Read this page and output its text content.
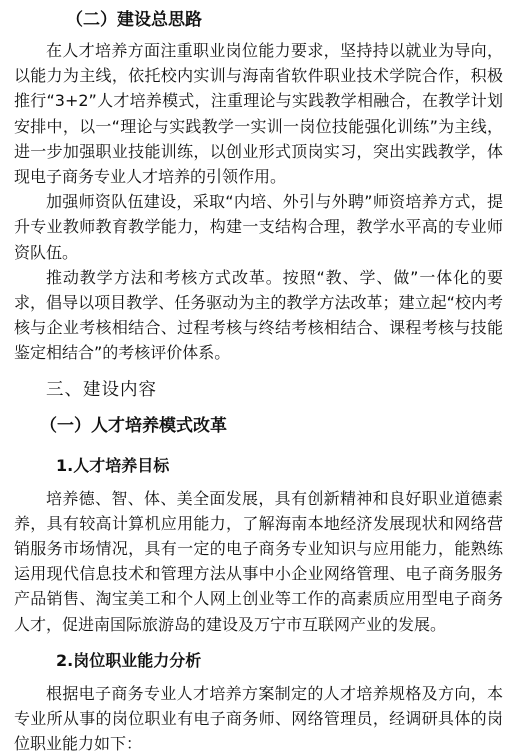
（二）建设总思路

在人才培养方面注重职业岗位能力要求，坚持持以就业为导向，以能力为主线，依托校内实训与海南省软件职业技术学院合作，积极推行“3+2”人才培养模式，注重理论与实践教学相融合，在教学计划安排中，以一“理论与实践教学一实训一岗位技能强化训练”为主线，进一步加强职业技能训练，以创业形式顶岗实习，突出实践教学，体现电子商务专业人才培养的引领作用。

加强师资队伍建设，采取“内培、外引与外聘”师资培养方式，提升专业教师教育教学能力，构建一支结构合理，教学水平高的专业师资队伍。

推动教学方法和考核方式改革。按照“教、学、做”一体化的要求，倡导以项目教学、任务驱动为主的教学方法改革；建立起“校内考核与企业考核相结合、过程考核与终结考核相结合、课程考核与技能鉴定相结合”的考核评价体系。

三、建设内容
（一）人才培养模式改革
1.人才培养目标

培养德、智、体、美全面发展，具有创新精神和良好职业道德素养，具有较高计算机应用能力，了解海南本地经济发展现状和网络营销服务市场情况，具有一定的电子商务专业知识与应用能力，能熟练运用现代信息技术和管理方法从事中小企业网络管理、电子商务服务产品销售、淘宝美工和个人网上创业等工作的高素质应用型电子商务人才，促进南国际旅游岛的建设及万宁市互联网产业的发展。

2.岗位职业能力分析

根据电子商务专业人才培养方案制定的人才培养规格及方向，本专业所从事的岗位职业有电子商务师、网络管理员，经调研具体的岗位职业能力如下：
